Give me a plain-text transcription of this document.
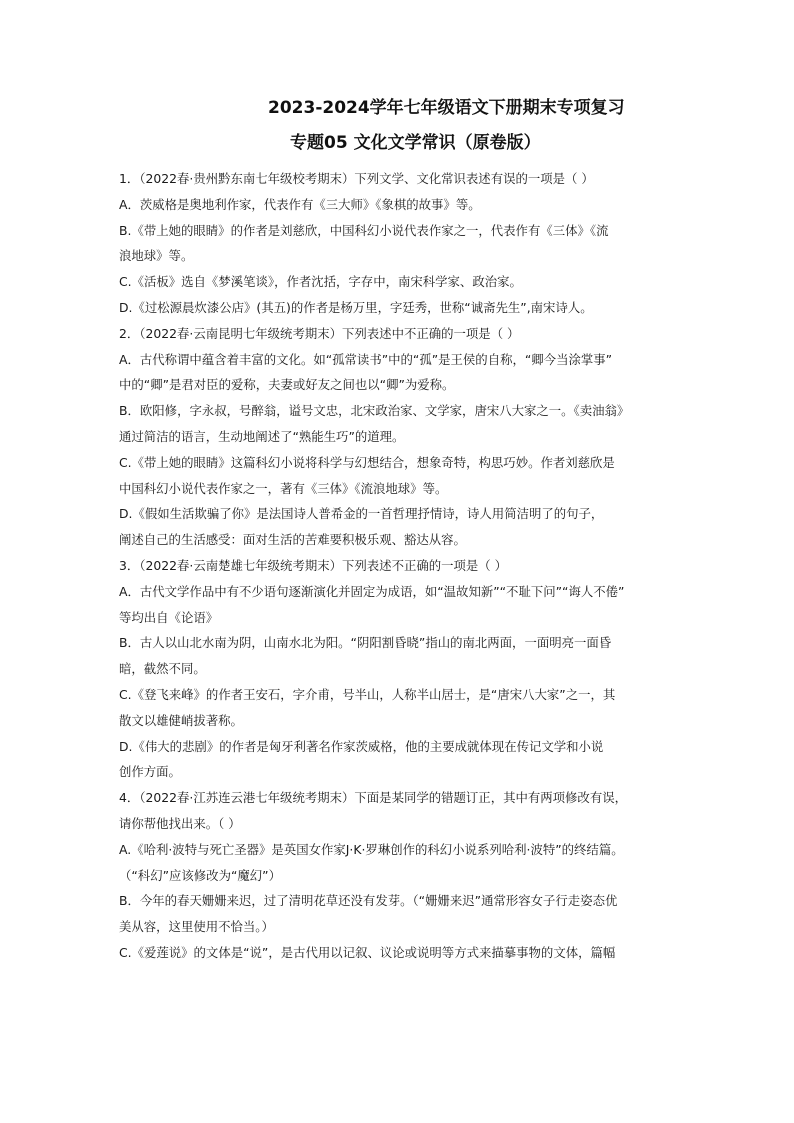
2023-2024学年七年级语文下册期末专项复习
专题05 文化文学常识（原卷版）
1．（2022春·贵州黔东南七年级校考期末）下列文学、文化常识表述有误的一项是（ ）
A．茨威格是奥地利作家，代表作有《三大师》《象棋的故事》等。
B.《带上她的眼睛》的作者是刘慈欣，中国科幻小说代表作家之一，代表作有《三体》《流
浪地球》等。
C.《活板》选自《梦溪笔谈》，作者沈括，字存中，南宋科学家、政治家。
D.《过松源晨炊漆公店》(其五)的作者是杨万里，字廷秀，世称“诚斋先生”,南宋诗人。
2．（2022春·云南昆明七年级统考期末）下列表述中不正确的一项是（ ）
A．古代称谓中蕴含着丰富的文化。如“孤常读书”中的“孤”是王侯的自称，“卿今当涂掌事”
中的“卿”是君对臣的爱称，夫妻或好友之间也以“卿”为爱称。
B．欧阳修，字永叔，号醉翁，谥号文忠，北宋政治家、文学家，唐宋八大家之一。《卖油翁》
通过简洁的语言，生动地阐述了“熟能生巧”的道理。
C.《带上她的眼睛》这篇科幻小说将科学与幻想结合，想象奇特，构思巧妙。作者刘慈欣是
中国科幻小说代表作家之一，著有《三体》《流浪地球》等。
D.《假如生活欺骗了你》是法国诗人普希金的一首哲理抒情诗，诗人用简洁明了的句子，
阐述自己的生活感受：面对生活的苦难要积极乐观、豁达从容。
3．（2022春·云南楚雄七年级统考期末）下列表述不正确的一项是（ ）
A．古代文学作品中有不少语句逐渐演化并固定为成语，如“温故知新”“不耻下问”“诲人不倦”
等均出自《论语》
B．古人以山北水南为阴，山南水北为阳。“阴阳割昏晓”指山的南北两面，一面明亮一面昏
暗，截然不同。
C.《登飞来峰》的作者王安石，字介甫，号半山，人称半山居士，是“唐宋八大家”之一，其
散文以雄健峭拔著称。
D.《伟大的悲剧》的作者是匈牙利著名作家茨威格，他的主要成就体现在传记文学和小说
创作方面。
4．（2022春·江苏连云港七年级统考期末）下面是某同学的错题订正，其中有两项修改有误，
请你帮他找出来。（ ）
A.《哈利·波特与死亡圣器》是英国女作家J·K·罗琳创作的科幻小说系列哈利·波特”的终结篇。
（“科幻”应该修改为“魔幻”）
B．今年的春天姗姗来迟，过了清明花草还没有发芽。（“姗姗来迟”通常形容女子行走姿态优
美从容，这里使用不恰当。）
C.《爱莲说》的文体是“说”，是古代用以记叙、议论或说明等方式来描摹事物的文体，篇幅
